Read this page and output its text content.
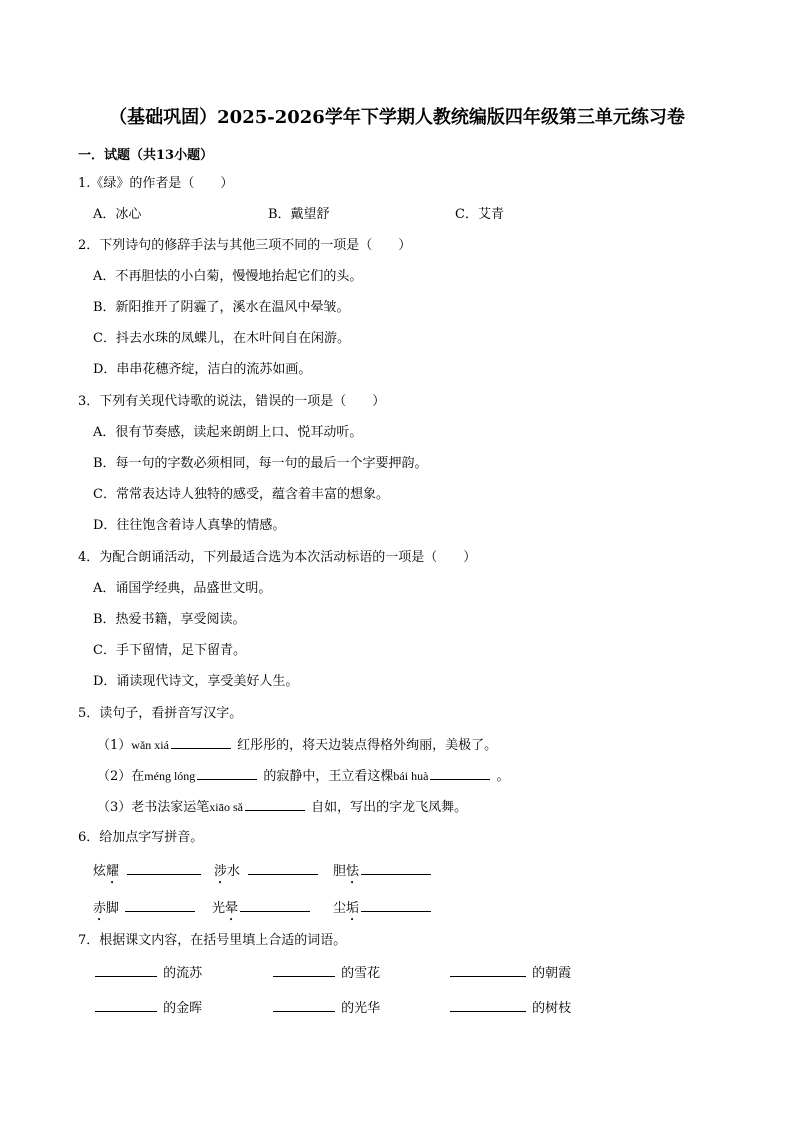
（基础巩固）2025-2026学年下学期人教统编版四年级第三单元练习卷
一．试题（共13小题）
1.《绿》的作者是（　　）
A．冰心	B．戴望舒	C．艾青
2．下列诗句的修辞手法与其他三项不同的一项是（　　）
A．不再胆怯的小白菊，慢慢地抬起它们的头。
B．新阳推开了阴霾了，溪水在温风中晕皱。
C．抖去水珠的凤蝶儿，在木叶间自在闲游。
D．串串花穗齐绽，洁白的流苏如画。
3．下列有关现代诗歌的说法，错误的一项是（　　）
A．很有节奏感，读起来朗朗上口、悦耳动听。
B．每一句的字数必须相同，每一句的最后一个字要押韵。
C．常常表达诗人独特的感受，蕴含着丰富的想象。
D．往往饱含着诗人真挚的情感。
4．为配合朗诵活动，下列最适合选为本次活动标语的一项是（　　）
A．诵国学经典，品盛世文明。
B．热爱书籍，享受阅读。
C．手下留情，足下留青。
D．诵读现代诗文，享受美好人生。
5．读句子，看拼音写汉字。
（1）wǎn xiá	红彤彤的，将天边装点得格外绚丽，美极了。
（2）在méng lóng	的寂静中，王立看这棵bái huà	。
（3）老书法家运笔xiāo sǎ	自如，写出的字龙飞凤舞。
6．给加点字写拼音。
炫耀	涉水	胆怯
赤脚	光晕	尘垢
7．根据课文内容，在括号里填上合适的词语。
的流苏	的雪花	的朝霞
的金晖	的光华	的树枝
